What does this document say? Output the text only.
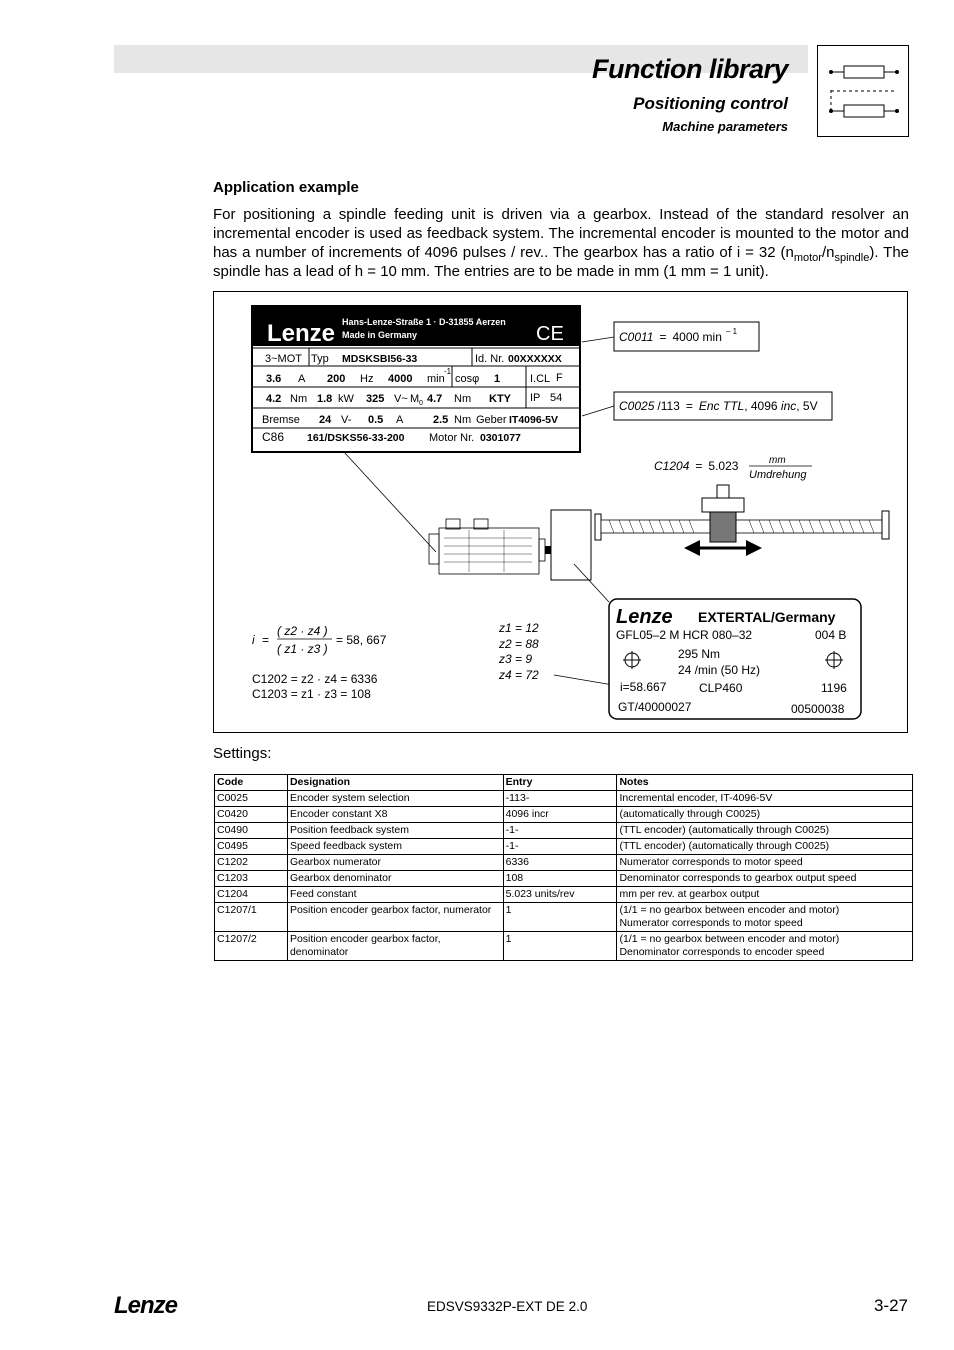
Function library
Positioning control
Machine parameters
Application example
For positioning a spindle feeding unit is driven via a gearbox. Instead of the standard resolver an incremental encoder is used as feedback system. The incremental encoder is mounted to the motor and has a number of increments of 4096 pulses / rev.. The gearbox has a ratio of i = 32 $(n_{motor}/n_{spindle})$. The spindle has a lead of h = 10 mm. The entries are to be made in mm (1 mm = 1 unit).
Lenze Hans-Lenze-Straße 1 · D-31855 Aerzen
Made in Germany	CE
3~MOT Typ MDSKSBI56-33	Id. Nr. 00XXXXXX
3.6 A 200 Hz 4000 min
-1
cosφ 1	I.CL F
4.2 Nm 1.8 kW 325 V~ M 0 4.7 Nm KTY IP 54
Bremse 24 V- 0.5 A	2.5 Nm Geber IT4096-5V
C86 161/DSKS56-33-200 Motor Nr. 0301077
C0011 = 4000 min – 1
C0025 /113 = Enc TTL, 4096 inc, 5V
C1204 = 5.023	mm
Umdrehung
i =
( z2 · z4 )
( z1 · z3 )
= 58, 667
C1202 = z2 · z4 = 6336
C1203 = z1 · z3 = 108
z1 = 12
z2 = 88
z3 = 9
z4 = 72
Lenze EXTERTAL/Germany
GFL05–2 M HCR 080–32	004 B
295 Nm
24 /min (50 Hz)
i=58.667	CLP460	1196
GT/40000027	00500038
Settings:
Code	Designation	Entry	Notes
C0025	Encoder system selection	-113-	Incremental encoder, IT-4096-5V
C0420	Encoder constant X8	4096 incr	(automatically through C0025)
C0490	Position feedback system	-1-	(TTL encoder) (automatically through C0025)
C0495	Speed feedback system	-1-	(TTL encoder) (automatically through C0025)
C1202	Gearbox numerator	6336	Numerator corresponds to motor speed
C1203	Gearbox denominator	108	Denominator corresponds to gearbox output speed
C1204	Feed constant	5.023 units/rev	mm per rev. at gearbox output
C1207/1	Position encoder gearbox factor, numerator	1	(1/1 = no gearbox between encoder and motor)
Numerator corresponds to motor speed

C1207/2	Position encoder gearbox factor,
denominator	1	(1/1 = no gearbox between encoder and motor)
Denominator corresponds to encoder speed
Lenze	EDSVS9332P-EXT DE 2.0	3-27
